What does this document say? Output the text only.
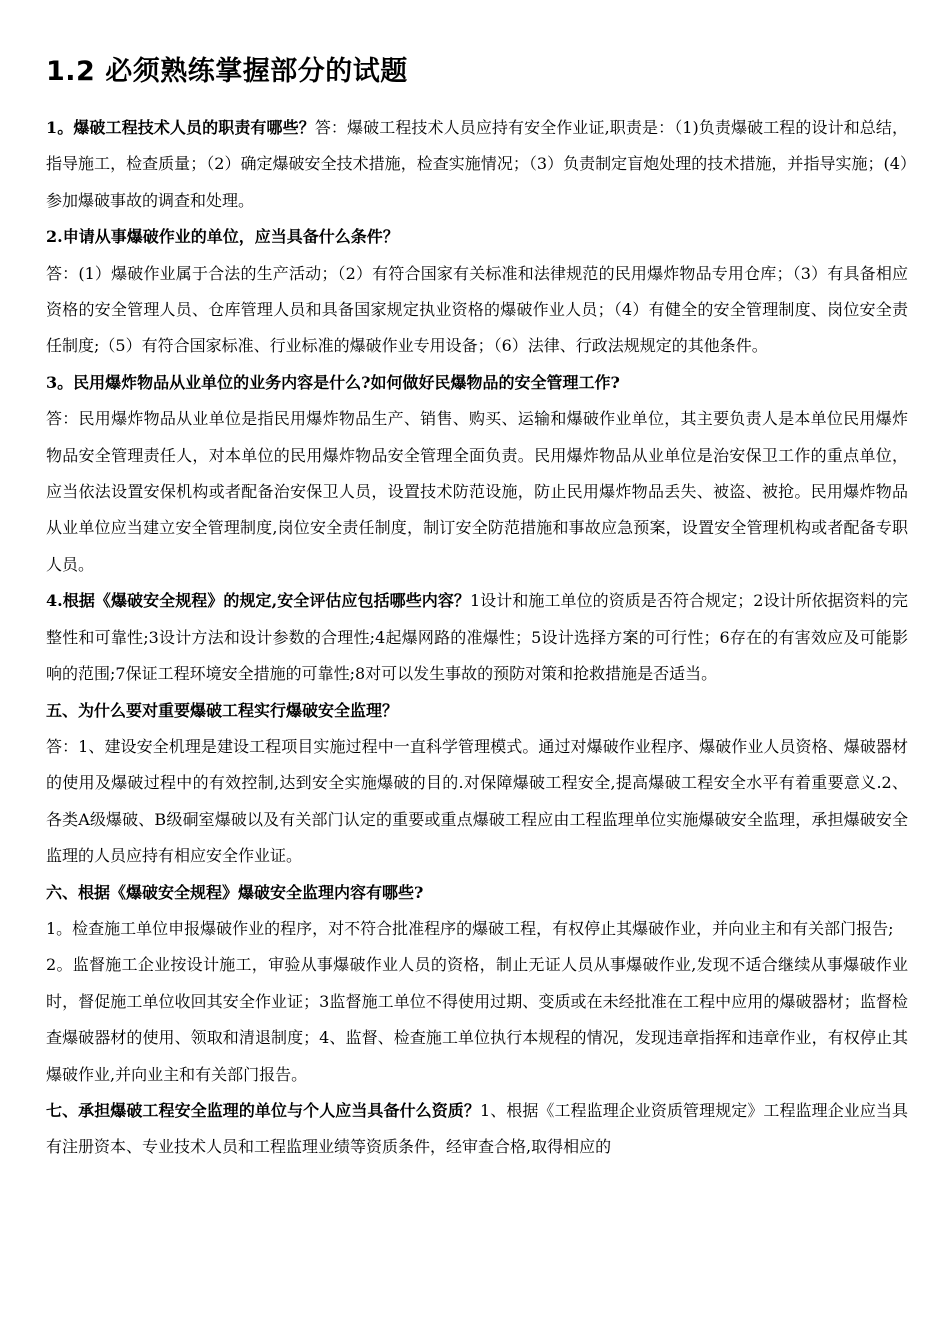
1.2 必须熟练掌握部分的试题

1。爆破工程技术人员的职责有哪些？答：爆破工程技术人员应持有安全作业证,职责是：（1)负责爆破工程的设计和总结，指导施工，检查质量；（2）确定爆破安全技术措施，检查实施情况；（3）负责制定盲炮处理的技术措施，并指导实施；(4）参加爆破事故的调查和处理。

2.申请从事爆破作业的单位，应当具备什么条件？

答：(1）爆破作业属于合法的生产活动；（2）有符合国家有关标准和法律规范的民用爆炸物品专用仓库；（3）有具备相应资格的安全管理人员、仓库管理人员和具备国家规定执业资格的爆破作业人员；（4）有健全的安全管理制度、岗位安全责任制度;（5）有符合国家标准、行业标准的爆破作业专用设备；（6）法律、行政法规规定的其他条件。

3。民用爆炸物品从业单位的业务内容是什么?如何做好民爆物品的安全管理工作?

答：民用爆炸物品从业单位是指民用爆炸物品生产、销售、购买、运输和爆破作业单位，其主要负责人是本单位民用爆炸物品安全管理责任人，对本单位的民用爆炸物品安全管理全面负责。民用爆炸物品从业单位是治安保卫工作的重点单位，应当依法设置安保机构或者配备治安保卫人员，设置技术防范设施，防止民用爆炸物品丢失、被盗、被抢。民用爆炸物品从业单位应当建立安全管理制度,岗位安全责任制度，制订安全防范措施和事故应急预案，设置安全管理机构或者配备专职人员。

4.根据《爆破安全规程》的规定,安全评估应包括哪些内容？1设计和施工单位的资质是否符合规定；2设计所依据资料的完整性和可靠性;3设计方法和设计参数的合理性;4起爆网路的准爆性；5设计选择方案的可行性；6存在的有害效应及可能影响的范围;7保证工程环境安全措施的可靠性;8对可以发生事故的预防对策和抢救措施是否适当。

五、为什么要对重要爆破工程实行爆破安全监理？

答：1、建设安全机理是建设工程项目实施过程中一直科学管理模式。通过对爆破作业程序、爆破作业人员资格、爆破器材的使用及爆破过程中的有效控制,达到安全实施爆破的目的.对保障爆破工程安全,提高爆破工程安全水平有着重要意义.2、各类A级爆破、B级硐室爆破以及有关部门认定的重要或重点爆破工程应由工程监理单位实施爆破安全监理，承担爆破安全监理的人员应持有相应安全作业证。

六、根据《爆破安全规程》爆破安全监理内容有哪些?

1。检查施工单位申报爆破作业的程序，对不符合批准程序的爆破工程，有权停止其爆破作业，并向业主和有关部门报告;

2。监督施工企业按设计施工，审验从事爆破作业人员的资格，制止无证人员从事爆破作业,发现不适合继续从事爆破作业时，督促施工单位收回其安全作业证；3监督施工单位不得使用过期、变质或在未经批准在工程中应用的爆破器材；监督检查爆破器材的使用、领取和清退制度；4、监督、检查施工单位执行本规程的情况，发现违章指挥和违章作业，有权停止其爆破作业,并向业主和有关部门报告。

七、承担爆破工程安全监理的单位与个人应当具备什么资质？1、根据《工程监理企业资质管理规定》工程监理企业应当具有注册资本、专业技术人员和工程监理业绩等资质条件，经审查合格,取得相应的
